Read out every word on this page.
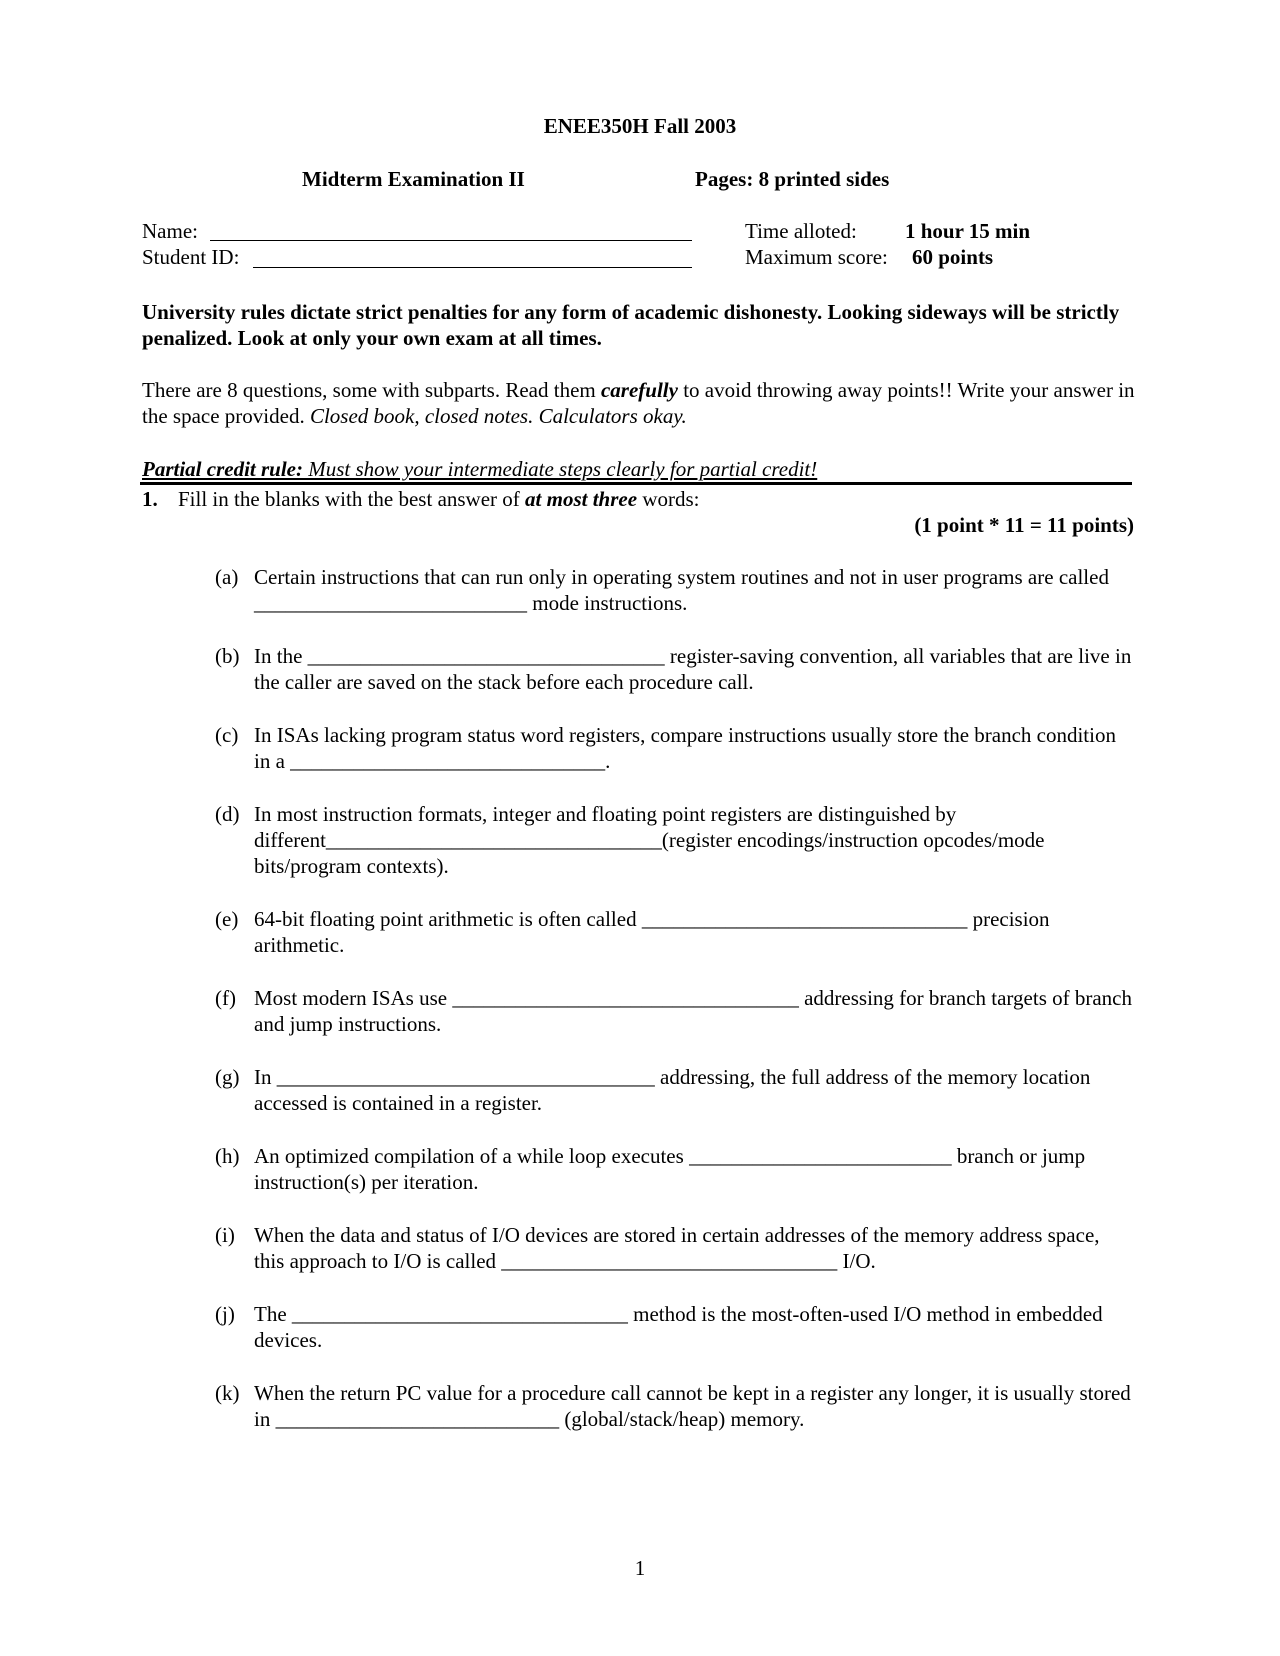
ENEE350H Fall 2003
Midterm Examination II	Pages: 8 printed sides
Name:
Student ID:
Time alloted: 1 hour 15 min
Maximum score: 60 points
University rules dictate strict penalties for any form of academic dishonesty. Looking sideways will be strictly penalized. Look at only your own exam at all times.
There are 8 questions, some with subparts. Read them carefully to avoid throwing away points!! Write your answer in the space provided. Closed book, closed notes. Calculators okay.
Partial credit rule: Must show your intermediate steps clearly for partial credit!
1. Fill in the blanks with the best answer of at most three words:
(1 point * 11 = 11 points)
(a) Certain instructions that can run only in operating system routines and not in user programs are called __________________________ mode instructions.
(b) In the __________________________________ register-saving convention, all variables that are live in the caller are saved on the stack before each procedure call.
(c) In ISAs lacking program status word registers, compare instructions usually store the branch condition in a ______________________________.
(d) In most instruction formats, integer and floating point registers are distinguished by different________________________________(register encodings/instruction opcodes/mode bits/program contexts).
(e) 64-bit floating point arithmetic is often called _______________________________ precision arithmetic.
(f) Most modern ISAs use _________________________________ addressing for branch targets of branch and jump instructions.
(g) In ____________________________________ addressing, the full address of the memory location accessed is contained in a register.
(h) An optimized compilation of a while loop executes _________________________ branch or jump instruction(s) per iteration.
(i) When the data and status of I/O devices are stored in certain addresses of the memory address space, this approach to I/O is called ________________________________ I/O.
(j) The ________________________________ method is the most-often-used I/O method in embedded devices.
(k) When the return PC value for a procedure call cannot be kept in a register any longer, it is usually stored in ___________________________ (global/stack/heap) memory.
1
